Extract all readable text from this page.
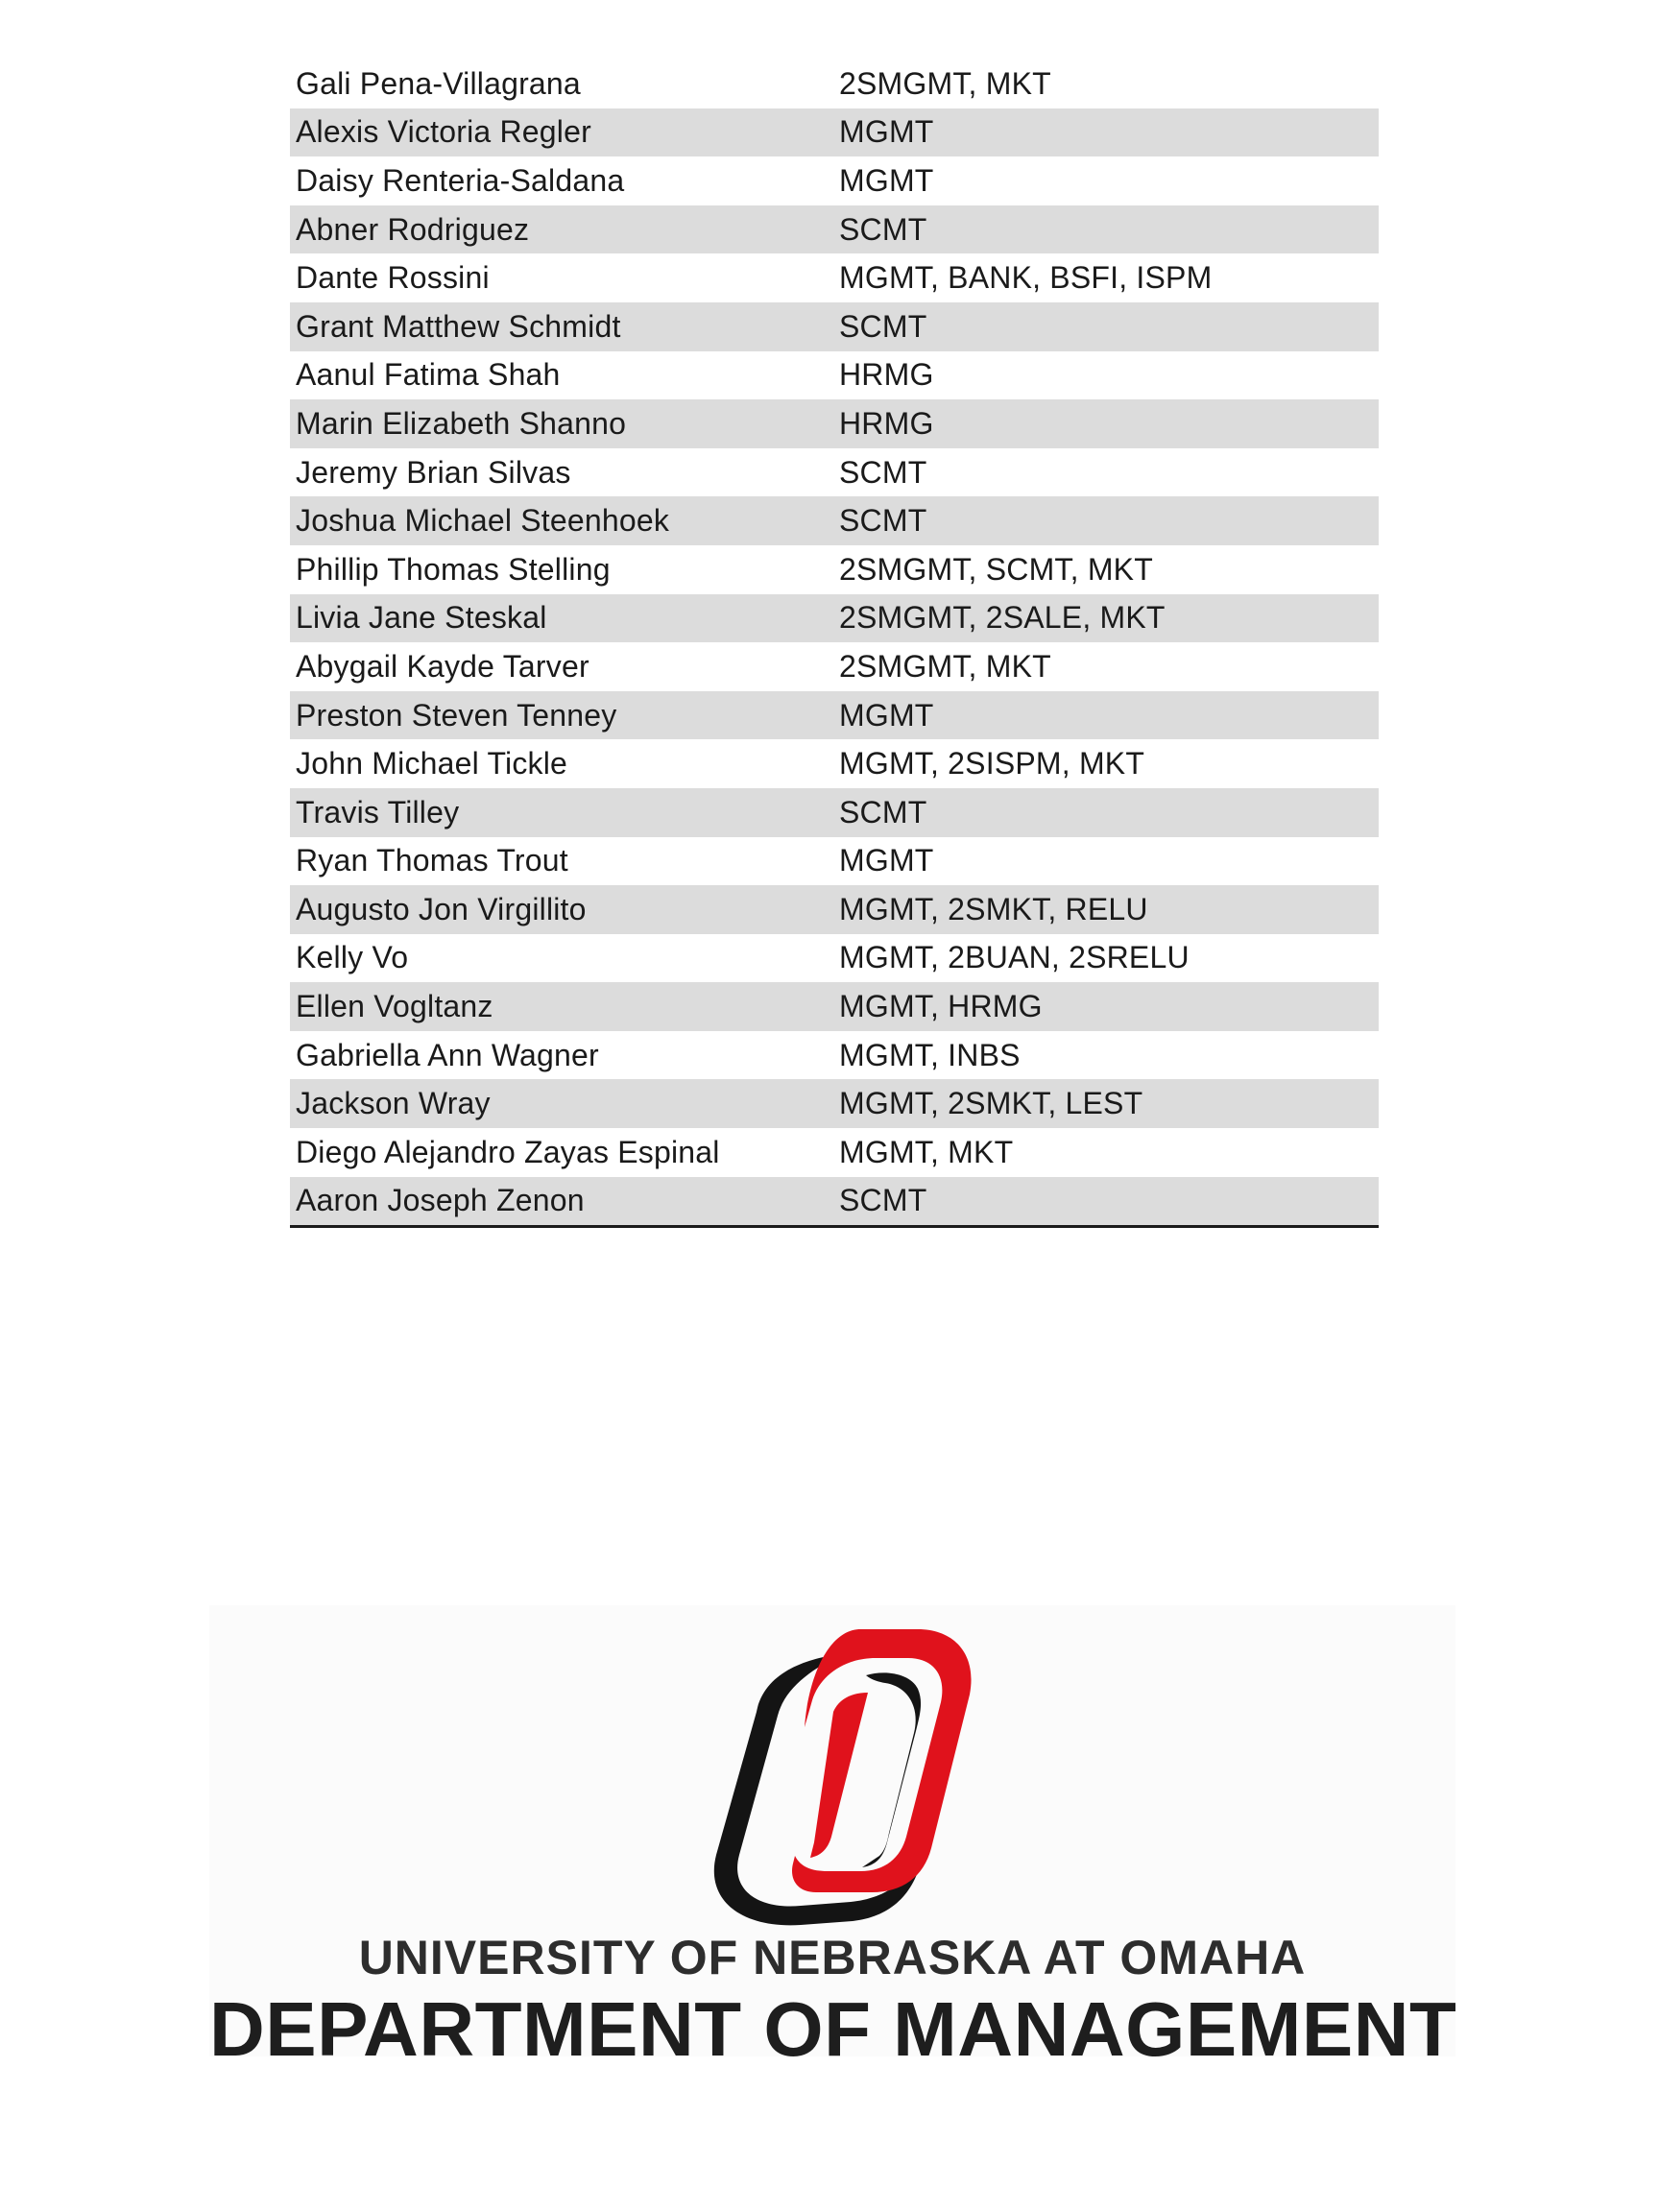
Gali Pena-Villagrana	2SMGMT, MKT
Alexis Victoria Regler	MGMT
Daisy Renteria-Saldana	MGMT
Abner Rodriguez	SCMT
Dante Rossini	MGMT, BANK, BSFI, ISPM
Grant Matthew Schmidt	SCMT
Aanul Fatima Shah	HRMG
Marin Elizabeth Shanno	HRMG
Jeremy Brian Silvas	SCMT
Joshua Michael Steenhoek	SCMT
Phillip Thomas Stelling	2SMGMT, SCMT, MKT
Livia Jane Steskal	2SMGMT, 2SALE, MKT
Abygail Kayde Tarver	2SMGMT, MKT
Preston Steven Tenney	MGMT
John Michael Tickle	MGMT, 2SISPM, MKT
Travis Tilley	SCMT
Ryan Thomas Trout	MGMT
Augusto Jon Virgillito	MGMT, 2SMKT, RELU
Kelly Vo	MGMT, 2BUAN, 2SRELU
Ellen Vogltanz	MGMT, HRMG
Gabriella Ann Wagner	MGMT, INBS
Jackson Wray	MGMT, 2SMKT, LEST
Diego Alejandro Zayas Espinal	MGMT, MKT
Aaron Joseph Zenon	SCMT
UNIVERSITY OF NEBRASKA AT OMAHA
DEPARTMENT OF MANAGEMENT
